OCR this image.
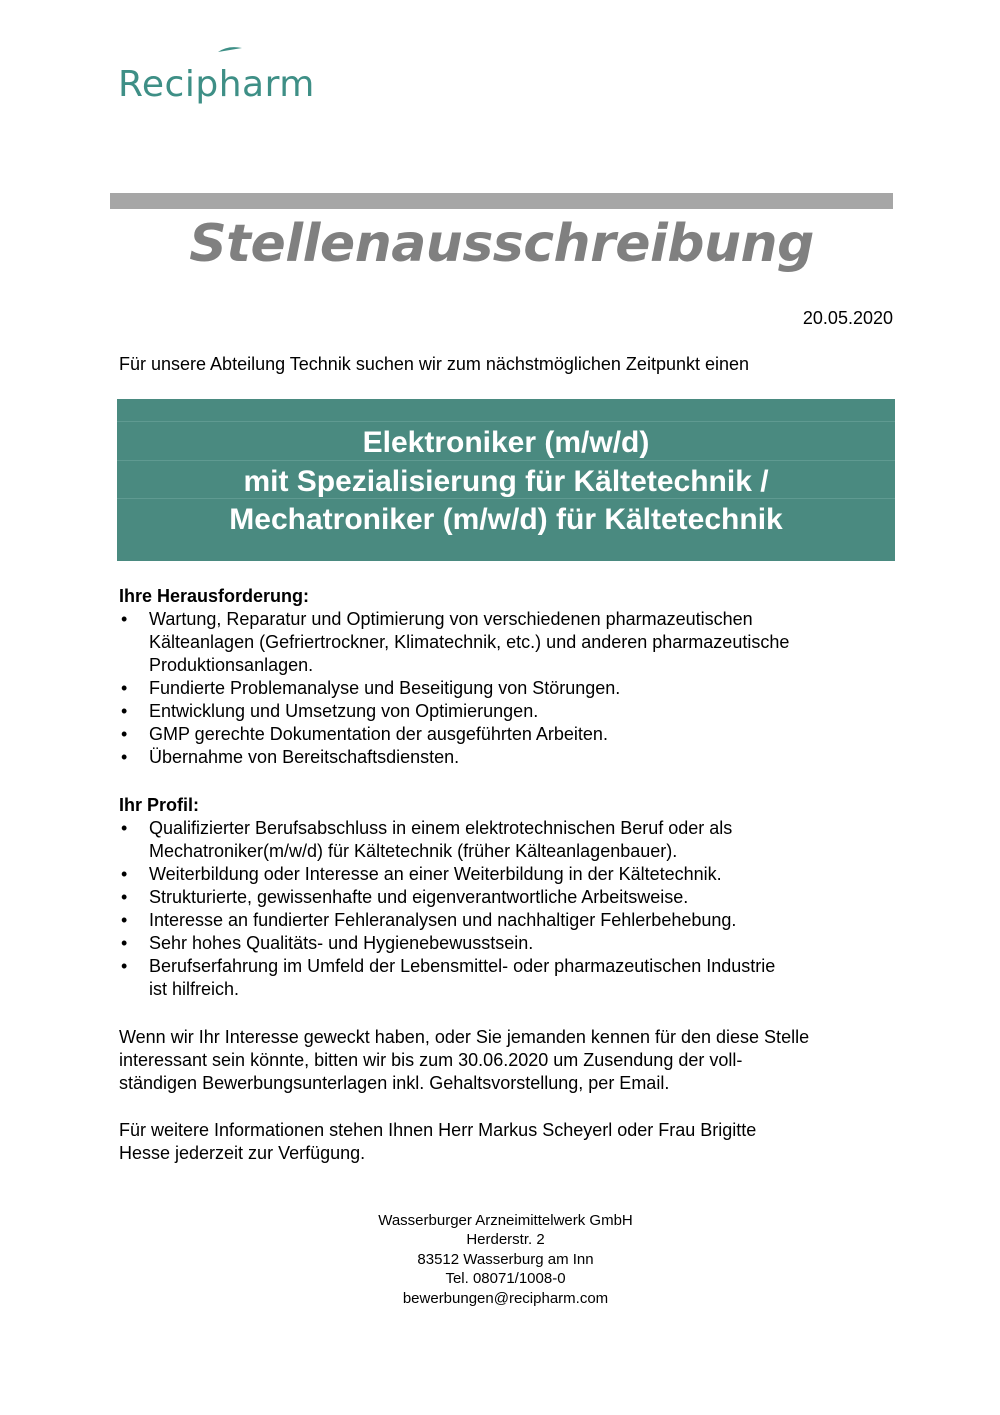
Recipharm
Stellenausschreibung
20.05.2020
Für unsere Abteilung Technik suchen wir zum nächstmöglichen Zeitpunkt einen
Elektroniker (m/w/d)
mit Spezialisierung für Kältetechnik /
Mechatroniker (m/w/d) für Kältetechnik
Ihre Herausforderung:
• Wartung, Reparatur und Optimierung von verschiedenen pharmazeutischen
Kälteanlagen (Gefriertrockner, Klimatechnik, etc.) und anderen pharmazeutische
Produktionsanlagen.
• Fundierte Problemanalyse und Beseitigung von Störungen.
• Entwicklung und Umsetzung von Optimierungen.
• GMP gerechte Dokumentation der ausgeführten Arbeiten.
• Übernahme von Bereitschaftsdiensten.
Ihr Profil:
• Qualifizierter Berufsabschluss in einem elektrotechnischen Beruf oder als
Mechatroniker(m/w/d) für Kältetechnik (früher Kälteanlagenbauer).
• Weiterbildung oder Interesse an einer Weiterbildung in der Kältetechnik.
• Strukturierte, gewissenhafte und eigenverantwortliche Arbeitsweise.
• Interesse an fundierter Fehleranalysen und nachhaltiger Fehlerbehebung.
• Sehr hohes Qualitäts- und Hygienebewusstsein.
• Berufserfahrung im Umfeld der Lebensmittel- oder pharmazeutischen Industrie
ist hilfreich.
Wenn wir Ihr Interesse geweckt haben, oder Sie jemanden kennen für den diese Stelle
interessant sein könnte, bitten wir bis zum 30.06.2020 um Zusendung der voll-
ständigen Bewerbungsunterlagen inkl. Gehaltsvorstellung, per Email.
Für weitere Informationen stehen Ihnen Herr Markus Scheyerl oder Frau Brigitte
Hesse jederzeit zur Verfügung.
Wasserburger Arzneimittelwerk GmbH
Herderstr. 2
83512 Wasserburg am Inn
Tel. 08071/1008-0
bewerbungen@recipharm.com
